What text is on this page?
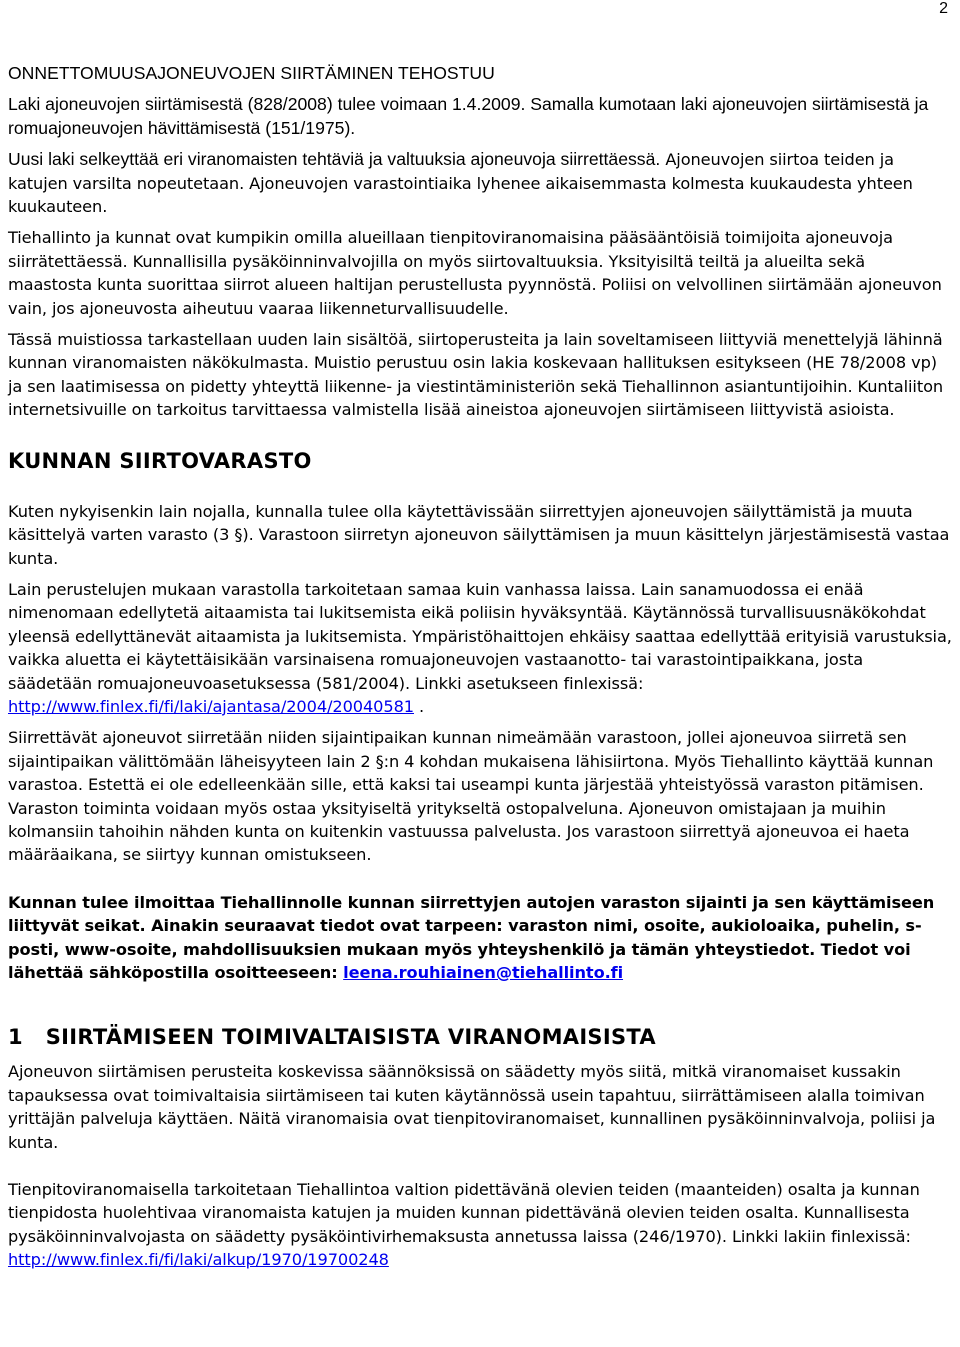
2

ONNETTOMUUSAJONEUVOJEN SIIRTÄMINEN TEHOSTUU

Laki ajoneuvojen siirtämisestä (828/2008) tulee voimaan 1.4.2009. Samalla kumotaan laki ajoneuvojen siirtämisestä ja romuajoneuvojen hävittämisestä (151/1975).

Uusi laki selkeyttää eri viranomaisten tehtäviä ja valtuuksia ajoneuvoja siirrettäessä. Ajoneuvojen siirtoa teiden ja katujen varsilta nopeutetaan. Ajoneuvojen varastointiaika lyhenee aikaisemmasta kolmesta kuukaudesta yhteen kuukauteen.

Tiehallinto ja kunnat ovat kumpikin omilla alueillaan tienpitoviranomaisina pääsääntöisiä toimijoita ajoneuvoja siirrätettäessä. Kunnallisilla pysäköinninvalvojilla on myös siirtovaltuuksia. Yksityisiltä teiltä ja alueilta sekä maastosta kunta suorittaa siirrot alueen haltijan perustellusta pyynnöstä. Poliisi on velvollinen siirtämään ajoneuvon vain, jos ajoneuvosta aiheutuu vaaraa liikenneturvallisuudelle.

Tässä muistiossa tarkastellaan uuden lain sisältöä, siirtoperusteita ja lain soveltamiseen liittyviä menettelyjä lähinnä kunnan viranomaisten näkökulmasta. Muistio perustuu osin lakia koskevaan hallituksen esitykseen (HE 78/2008 vp) ja sen laatimisessa on pidetty yhteyttä liikenne- ja viestintäministeriön sekä Tiehallinnon asiantuntijoihin. Kuntaliiton internetsivuille on tarkoitus tarvittaessa valmistella lisää aineistoa ajoneuvojen siirtämiseen liittyvistä asioista.

KUNNAN SIIRTOVARASTO

Kuten nykyisenkin lain nojalla, kunnalla tulee olla käytettävissään siirrettyjen ajoneuvojen säilyttämistä ja muuta käsittelyä varten varasto (3 §). Varastoon siirretyn ajoneuvon säilyttämisen ja muun käsittelyn järjestämisestä vastaa kunta.

Lain perustelujen mukaan varastolla tarkoitetaan samaa kuin vanhassa laissa. Lain sanamuodossa ei enää nimenomaan edellytetä aitaamista tai lukitsemista eikä poliisin hyväksyntää. Käytännössä turvallisuusnäkökohdat yleensä edellyttänevät aitaamista ja lukitsemista. Ympäristöhaittojen ehkäisy saattaa edellyttää erityisiä varustuksia, vaikka aluetta ei käytettäisikään varsinaisena romuajoneuvojen vastaanotto- tai varastointipaikkana, josta säädetään romuajoneuvoasetuksessa (581/2004). Linkki asetukseen finlexissä:  http://www.finlex.fi/fi/laki/ajantasa/2004/20040581 .

Siirrettävät ajoneuvot siirretään niiden sijaintipaikan kunnan nimeämään varastoon, jollei ajoneuvoa siirretä sen sijaintipaikan välittömään läheisyyteen lain 2 §:n 4 kohdan mukaisena lähisiirtona. Myös Tiehallinto käyttää kunnan varastoa. Estettä ei ole edelleenkään sille, että kaksi tai useampi kunta järjestää yhteistyössä varaston pitämisen. Varaston toiminta voidaan myös ostaa yksityiseltä yritykseltä ostopalveluna. Ajoneuvon omistajaan ja muihin kolmansiin tahoihin nähden kunta on kuitenkin vastuussa palvelusta. Jos varastoon siirrettyä ajoneuvoa ei haeta määräaikana, se siirtyy kunnan omistukseen.

Kunnan tulee ilmoittaa Tiehallinnolle kunnan siirrettyjen autojen varaston sijainti ja sen käyttämiseen liittyvät seikat. Ainakin seuraavat tiedot ovat tarpeen: varaston nimi, osoite, aukioloaika, puhelin, s-posti, www-osoite, mahdollisuuksien mukaan myös yhteyshenkilö ja tämän yhteystiedot. Tiedot voi lähettää sähköpostilla osoitteeseen: leena.rouhiainen@tiehallinto.fi

1   SIIRTÄMISEEN TOIMIVALTAISISTA VIRANOMAISISTA

Ajoneuvon siirtämisen perusteita koskevissa säännöksissä on säädetty myös siitä, mitkä viranomaiset kussakin tapauksessa ovat toimivaltaisia siirtämiseen tai kuten käytännössä usein tapahtuu, siirrättämiseen alalla toimivan yrittäjän palveluja käyttäen. Näitä viranomaisia ovat tienpitoviranomaiset, kunnallinen pysäköinninvalvoja, poliisi ja kunta.

Tienpitoviranomaisella tarkoitetaan Tiehallintoa valtion pidettävänä olevien teiden (maanteiden) osalta ja kunnan tienpidosta huolehtivaa viranomaista katujen ja muiden kunnan pidettävänä olevien teiden osalta. Kunnallisesta pysäköinninvalvojasta on säädetty pysäköintivirhemaksusta annetussa laissa (246/1970). Linkki lakiin finlexissä: http://www.finlex.fi/fi/laki/alkup/1970/19700248
